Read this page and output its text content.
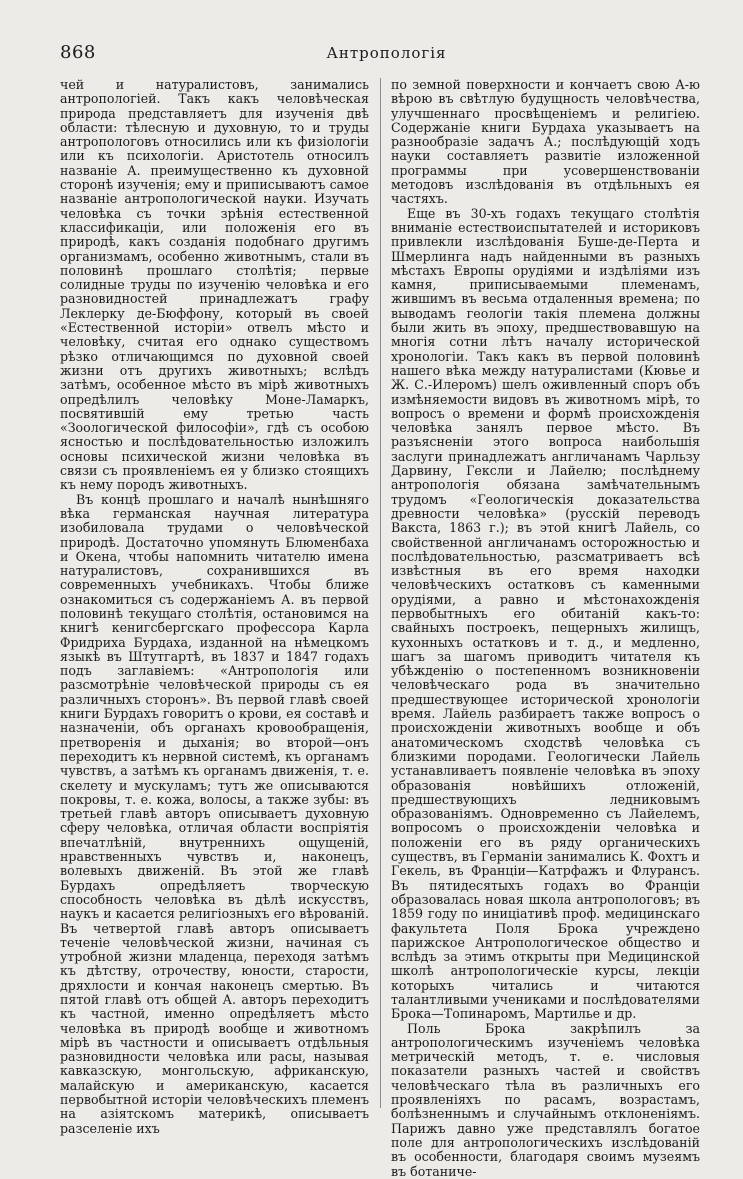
868	Антропологія

чей и натуралистовъ, занимались антропологіей. Такъ какъ человѣческая природа представляетъ для изученія двѣ области: тѣлесную и духовную, то и труды антропологовъ относились или къ физіологіи или къ психологіи. Аристотель относилъ названіе А. преимущественно къ духовной сторонѣ изученія; ему и приписываютъ самое названіе антропологической науки. Изучать человѣка съ точки зрѣнія естественной классификаціи, или положенія его въ природѣ, какъ созданія подобнаго другимъ организмамъ, особенно животнымъ, стали въ половинѣ прошлаго столѣтія; первые солидные труды по изученію человѣка и его разновидностей принадлежатъ графу Леклерку де-Бюффону, который въ своей «Естественной исторіи» отвелъ мѣсто и человѣку, считая его однако существомъ рѣзко отличающимся по духовной своей жизни отъ другихъ животныхъ; вслѣдъ затѣмъ, особенное мѣсто въ мірѣ животныхъ опредѣлилъ человѣку Моне-Ламаркъ, посвятившій ему третью часть «Зоологической философіи», гдѣ съ особою ясностью и послѣдовательностью изложилъ основы психической жизни человѣка въ связи съ проявленіемъ ея у близко стоящихъ къ нему породъ животныхъ.

Въ концѣ прошлаго и началѣ нынѣшняго вѣка германская научная литература изобиловала трудами о человѣческой природѣ. Достаточно упомянуть Блюменбаха и Окена, чтобы напомнить читателю имена натуралистовъ, сохранившихся въ современныхъ учебникахъ. Чтобы ближе ознакомиться съ содержаніемъ А. въ первой половинѣ текущаго столѣтія, остановимся на книгѣ кенигсбергскаго профессора Карла Фридриха Бурдаха, изданной на нѣмецкомъ языкѣ въ Штутгартѣ, въ 1837 и 1847 годахъ подъ заглавіемъ: «Антропологія или разсмотрѣніе человѣческой природы съ ея различныхъ сторонъ». Въ первой главѣ своей книги Бурдахъ говоритъ о крови, ея составѣ и назначеніи, объ органахъ кровообращенія, претворенія и дыханія; во второй—онъ переходитъ къ нервной системѣ, къ органамъ чувствъ, а затѣмъ къ органамъ движенія, т. е. скелету и мускуламъ; тутъ же описываются покровы, т. е. кожа, волосы, а также зубы: въ третьей главѣ авторъ описываетъ духовную сферу человѣка, отличая области воспріятія впечатлѣній, внутреннихъ ощущеній, нравственныхъ чувствъ и, наконецъ, волевыхъ движеній. Въ этой же главѣ Бурдахъ опредѣляетъ творческую способность человѣка въ дѣлѣ искусствъ, наукъ и касается религіозныхъ его вѣрованій. Въ четвертой главѣ авторъ описываетъ теченіе человѣческой жизни, начиная съ утробной жизни младенца, переходя затѣмъ къ дѣтству, отрочеству, юности, старости, дряхлости и кончая наконецъ смертью. Въ пятой главѣ отъ общей А. авторъ переходитъ къ частной, именно опредѣляетъ мѣсто человѣка въ природѣ вообще и животномъ мірѣ въ частности и описываетъ отдѣльныя разновидности человѣка или расы, называя кавказскую, монгольскую, африканскую, малайскую и американскую, касается первобытной исторіи человѣческихъ племенъ на азіятскомъ материкѣ, описываетъ разселеніе ихъ

по земной поверхности и кончаетъ свою А-ю вѣрою въ свѣтлую будущность человѣчества, улучшеннаго просвѣщеніемъ и религіею. Содержаніе книги Бурдаха указываетъ на разнообразіе задачъ А.; послѣдующій ходъ науки составляетъ развитіе изложенной программы при усовершенствованіи методовъ изслѣдованія въ отдѣльныхъ ея частяхъ.

Еще въ 30-хъ годахъ текущаго столѣтія вниманіе естествоиспытателей и историковъ привлекли изслѣдованія Буше-де-Перта и Шмерлинга надъ найденными въ разныхъ мѣстахъ Европы орудіями и издѣліями изъ камня, приписываемыми племенамъ, жившимъ въ весьма отдаленныя времена; по выводамъ геологіи такія племена должны были жить въ эпоху, предшествовавшую на многія сотни лѣтъ началу исторической хронологіи. Такъ какъ въ первой половинѣ нашего вѣка между натуралистами (Кювье и Ж. С.-Илеромъ) шелъ оживленный споръ объ измѣняемости видовъ въ животномъ мірѣ, то вопросъ о времени и формѣ происхожденія человѣка занялъ первое мѣсто. Въ разъясненіи этого вопроса наибольшія заслуги принадлежатъ англичанамъ Чарльзу Дарвину, Гексли и Лайелю; послѣднему антропологія обязана замѣчательнымъ трудомъ «Геологическія доказательства древности человѣка» (русскій переводъ Вакста, 1863 г.); въ этой книгѣ Лайель, со свойственной англичанамъ осторожностью и послѣдовательностью, разсматриваетъ всѣ извѣстныя въ его время находки человѣческихъ остатковъ съ каменными орудіями, а равно и мѣстонахожденія первобытныхъ его обитаній какъ-то: свайныхъ построекъ, пещерныхъ жилищъ, кухонныхъ остатковъ и т. д., и медленно, шагъ за шагомъ приводитъ читателя къ убѣжденію о постепенномъ возникновеніи человѣческаго рода въ значительно предшествующее исторической хронологіи время. Лайель разбираетъ также вопросъ о происхожденіи животныхъ вообще и объ анатомическомъ сходствѣ человѣка съ близкими породами. Геологически Лайель устанавливаетъ появленіе человѣка въ эпоху образованія новѣйшихъ отложеній, предшествующихъ ледниковымъ образованіямъ. Одновременно съ Лайелемъ, вопросомъ о происхожденіи человѣка и положеніи его въ ряду органическихъ существъ, въ Германіи занимались К. Фохтъ и Гекель, въ Франціи—Катрфажъ и Флурансъ. Въ пятидесятыхъ годахъ во Франціи образовалась новая школа антропологовъ; въ 1859 году по иниціативѣ проф. медицинскаго факультета Поля Брока учреждено парижское Антропологическое общество и вслѣдъ за этимъ открыты при Медицинской школѣ антропологическіе курсы, лекціи которыхъ читались и читаются талантливыми учениками и послѣдователями Брока—Топинаромъ, Мартилье и др.

Поль Брока закрѣпилъ за антропологическимъ изученіемъ человѣка метрическій методъ, т. е. числовыя показатели разныхъ частей и свойствъ человѣческаго тѣла въ различныхъ его проявленіяхъ по расамъ, возрастамъ, болѣзненнымъ и случайнымъ отклоненіямъ. Парижъ давно уже представлялъ богатое поле для антропологическихъ изслѣдованій въ особенности, благодаря своимъ музеямъ въ ботаниче-
